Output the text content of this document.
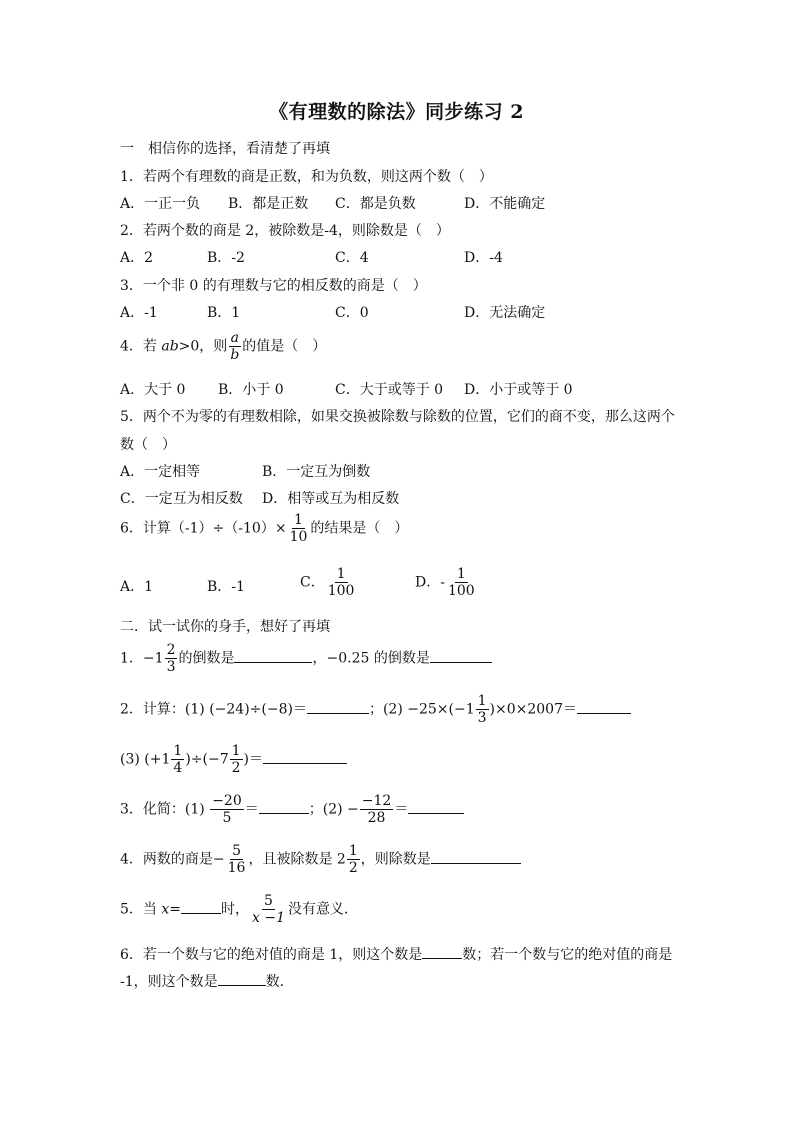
《有理数的除法》同步练习 2
一　相信你的选择，看清楚了再填
1．若两个有理数的商是正数，和为负数，则这两个数（　）
A．一正一负 B．都是正数 C．都是负数	D．不能确定
2．若两个数的商是 2，被除数是-4，则除数是（　）
A．2	B．-2	C．4	D．-4
3．一个非 0 的有理数与它的相反数的商是（　）
A．-1	B．1	C．0	D．无法确定
4．若 ab>0，则 $\frac{a}{b}$ 的值是（　）
A．大于 0 B．小于 0	C．大于或等于 0 D．小于或等于 0
5．两个不为零的有理数相除，如果交换被除数与除数的位置，它们的商不变，那么这两个
数（　）
A．一定相等	B．一定互为倒数
C．一定互为相反数 D．相等或互为相反数
6．计算$(-1)\div(-10)\times \frac{1}{10}$ 的结果是（　）
A．1	B．-1	C． $\frac{1}{100}$	D．- $\frac{1}{100}$
二．试一试你的身手，想好了再填
1．$-1 \frac{2}{3}$ 的倒数是	，−0.25 的倒数是
2．计算：(1) (−24)÷(−8)＝	；$(2) -25\times(-1 \frac{1}{3} )\times 0\times 2007=$
(3) $(+1 \frac{1}{4} )\div(-7 \frac{1}{2}$ )＝
3．化简：$(1) \frac{-20}{5}$ ＝	；$(2) - \frac{-12}{28}$ ＝
4．两数的商是− $\frac{5}{16}$ ，且被除数是 $2 \frac{1}{2}$ ，则除数是
5．当 x=	时， $\frac{5}{x -1}$ 没有意义．
6．若一个数与它的绝对值的商是 1，则这个数是	数；若一个数与它的绝对值的商是
-1，则这个数是	数．
